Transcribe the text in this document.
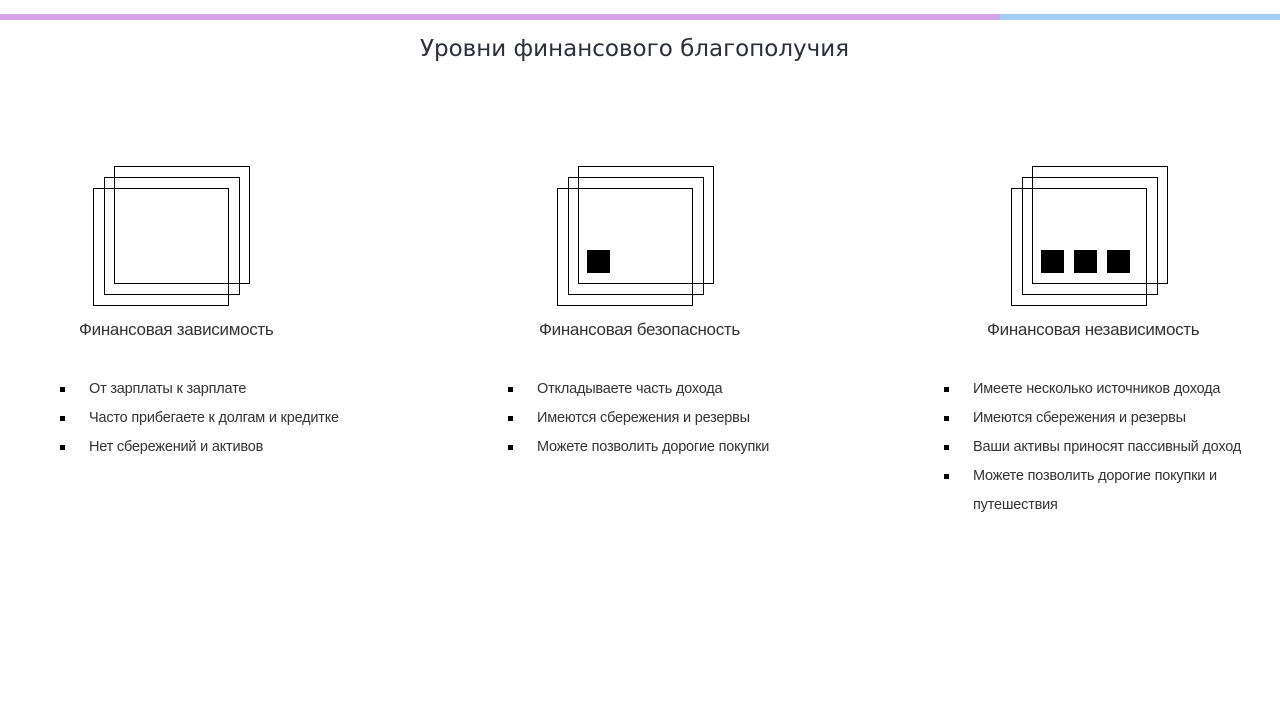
Уровни финансового благополучия
Финансовая зависимость
От зарплаты к зарплате
Часто прибегаете к долгам и кредитке
Нет сбережений и активов
Финансовая безопасность
Откладываете часть дохода
Имеются сбережения и резервы
Можете позволить дорогие покупки
Финансовая независимость
Имеете несколько источников дохода
Имеются сбережения и резервы
Ваши активы приносят пассивный доход
Можете позволить дорогие покупки и путешествия
